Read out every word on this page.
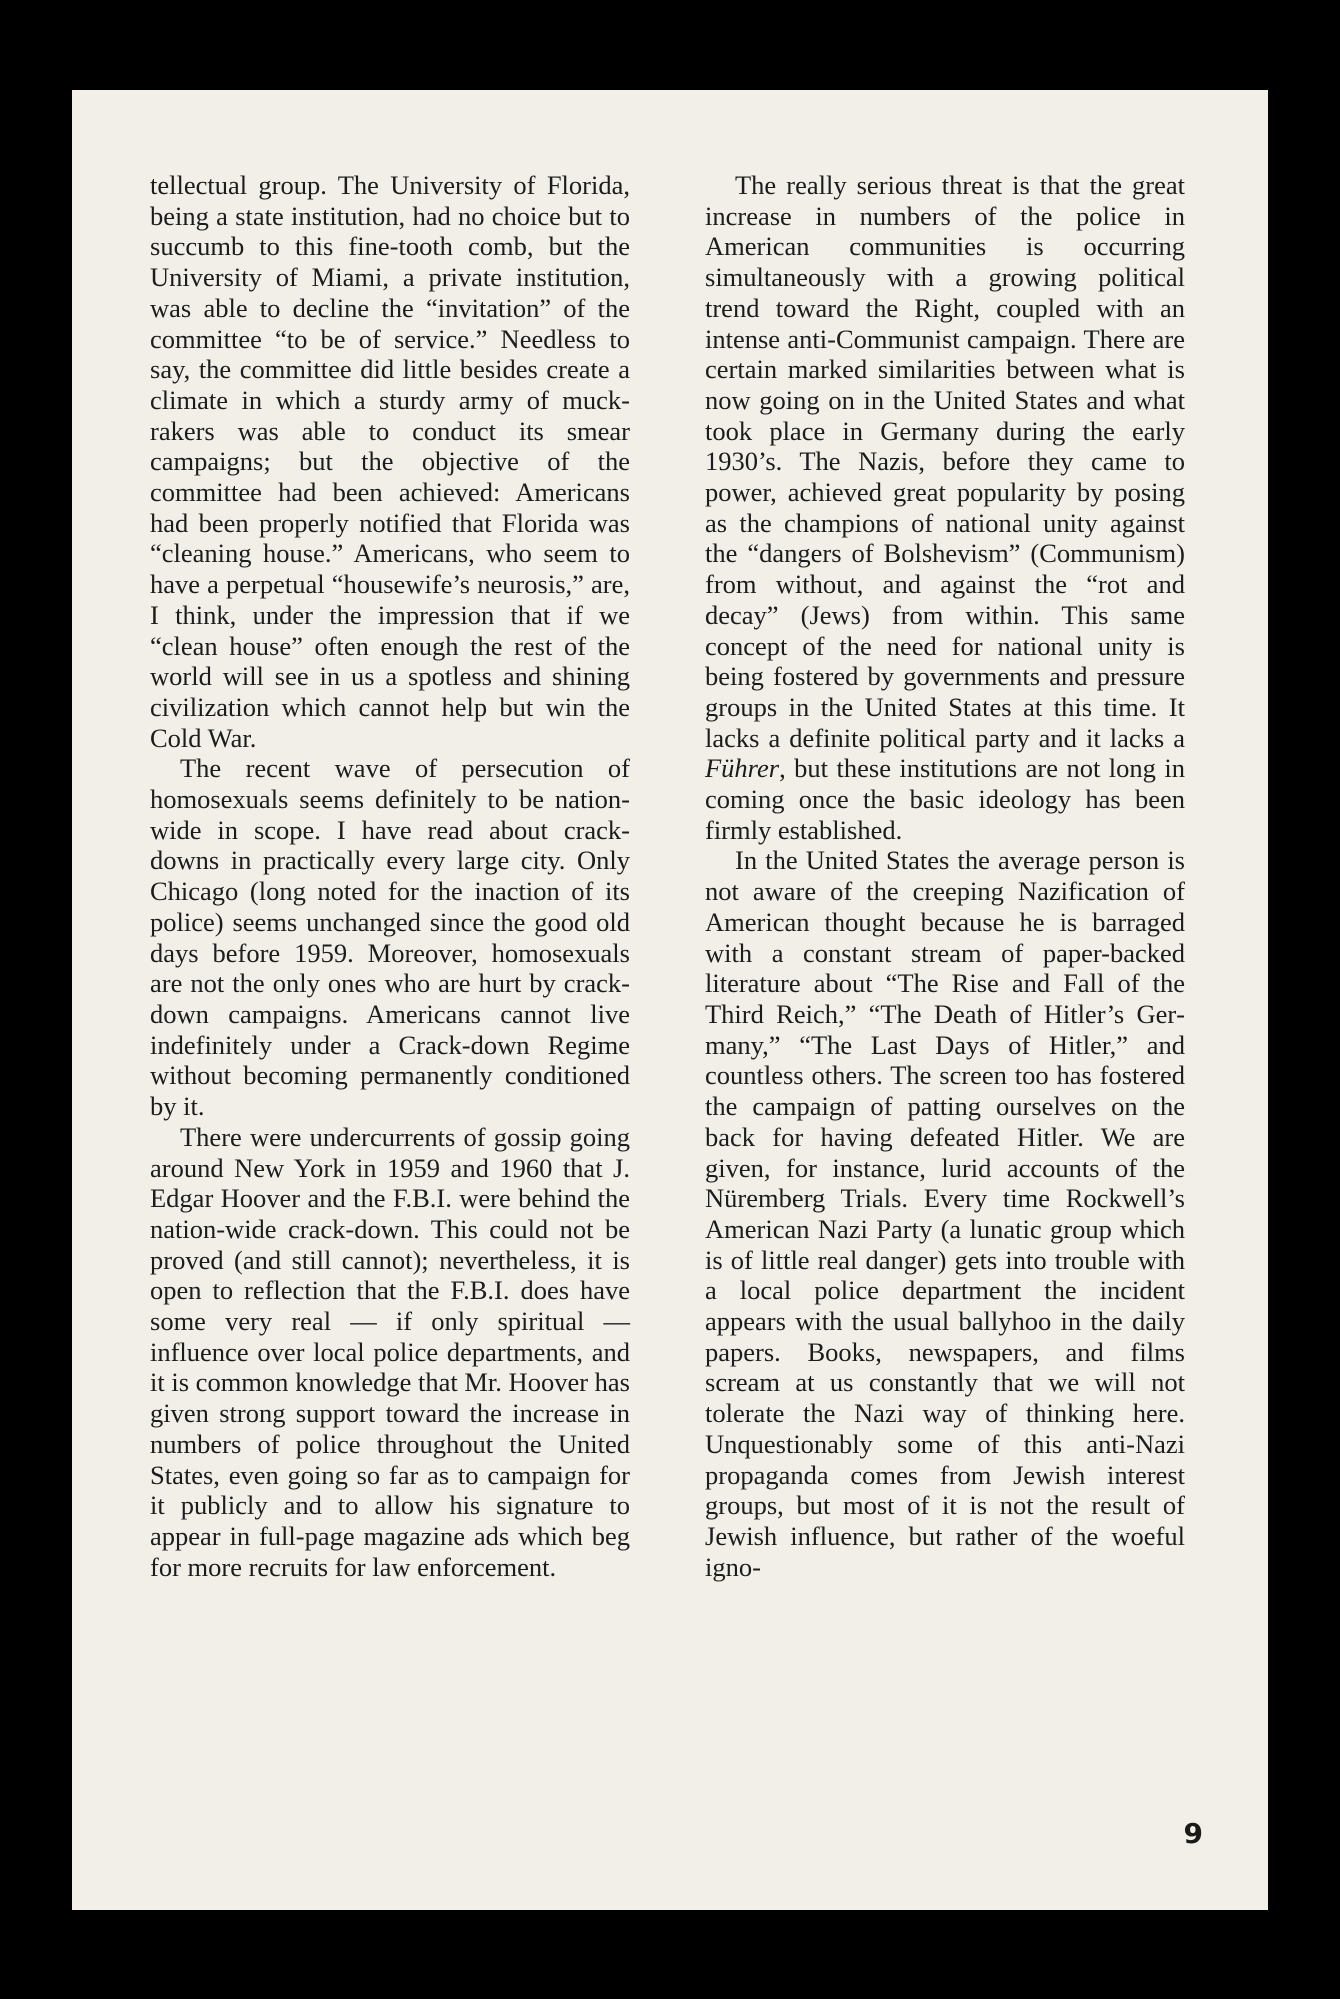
tellectual group. The University of Florida, being a state institution, had no choice but to succumb to this fine-tooth comb, but the University of Miami, a private institution, was able to decline the “invitation” of the committee “to be of service.” Needless to say, the committee did little besides create a climate in which a sturdy army of muck-rakers was able to conduct its smear campaigns; but the objective of the committee had been achieved: Americans had been properly notified that Florida was “cleaning house.” Americans, who seem to have a perpetual “housewife’s neurosis,” are, I think, under the impression that if we “clean house” often enough the rest of the world will see in us a spotless and shining civilization which cannot help but win the Cold War.

The recent wave of persecution of homosexuals seems definitely to be nation-wide in scope. I have read about crack-downs in practically every large city. Only Chicago (long noted for the inaction of its police) seems unchanged since the good old days before 1959. Moreover, homosexuals are not the only ones who are hurt by crack-down campaigns. Americans cannot live indefinitely under a Crack-down Regime without becoming permanently conditioned by it.

There were undercurrents of gossip going around New York in 1959 and 1960 that J. Edgar Hoover and the F.B.I. were behind the nation-wide crack-down. This could not be proved (and still cannot); nevertheless, it is open to reflection that the F.B.I. does have some very real — if only spiritual — influence over local police departments, and it is common knowledge that Mr. Hoover has given strong support toward the increase in numbers of police throughout the United States, even going so far as to campaign for it publicly and to allow his signature to appear in full-page magazine ads which beg for more recruits for law enforcement.

The really serious threat is that the great increase in numbers of the police in American communities is occurring simultaneously with a growing political trend toward the Right, coupled with an intense anti-Communist campaign. There are certain marked similarities between what is now going on in the United States and what took place in Germany during the early 1930’s. The Nazis, before they came to power, achieved great popularity by posing as the champions of national unity against the “dangers of Bolshevism” (Communism) from without, and against the “rot and decay” (Jews) from within. This same concept of the need for national unity is being fostered by governments and pressure groups in the United States at this time. It lacks a definite political party and it lacks a Führer, but these institutions are not long in coming once the basic ideology has been firmly established.

In the United States the average person is not aware of the creeping Nazification of American thought because he is barraged with a constant stream of paper-backed literature about “The Rise and Fall of the Third Reich,” “The Death of Hitler’s Germany,” “The Last Days of Hitler,” and countless others. The screen too has fostered the campaign of patting ourselves on the back for having defeated Hitler. We are given, for instance, lurid accounts of the Nüremberg Trials. Every time Rockwell’s American Nazi Party (a lunatic group which is of little real danger) gets into trouble with a local police department the incident appears with the usual ballyhoo in the daily papers. Books, newspapers, and films scream at us constantly that we will not tolerate the Nazi way of thinking here. Unquestionably some of this anti-Nazi propaganda comes from Jewish interest groups, but most of it is not the result of Jewish influence, but rather of the woeful igno-

9
